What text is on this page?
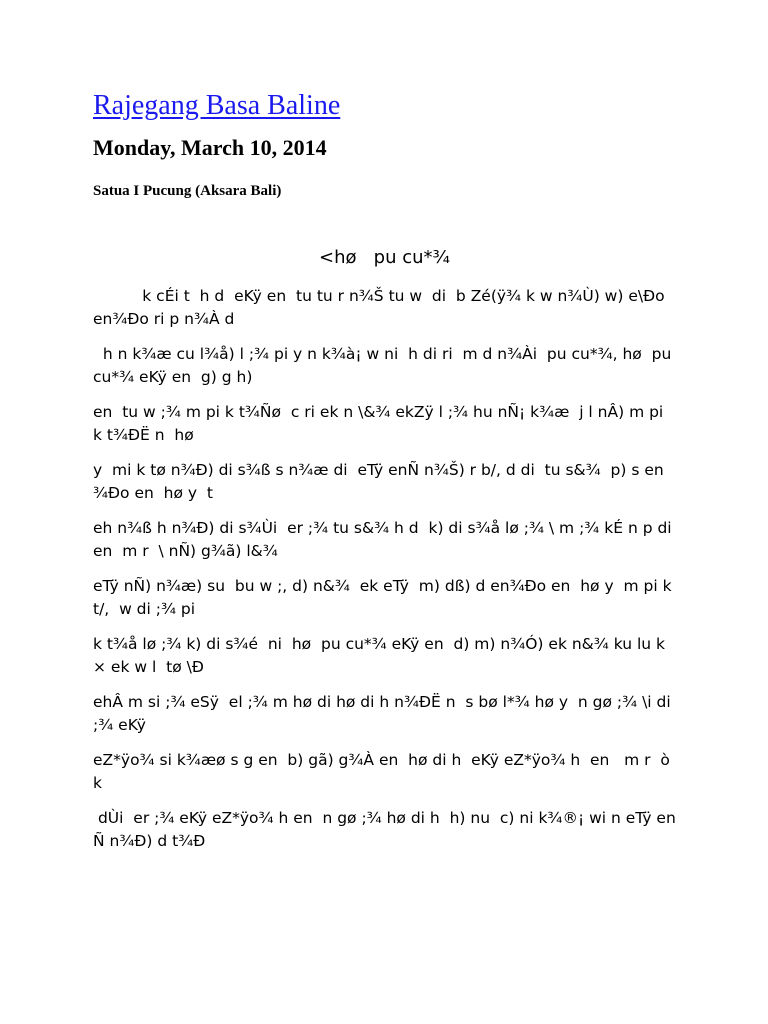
Rajegang Basa Baline
Monday, March 10, 2014
Satua I Pucung (Aksara Bali)
<hø   pu cu*¾

k cÉi t  h d  eKÿ en  tu tu r n¾Š tu w  di  b Zé(ÿ¾ k w n¾Ù) w) e\Ðo en¾Ðo ri p n¾À d

h n k¾æ cu l¾å) l ;¾ pi y n k¾à¡ w ni  h di ri  m d n¾Ài  pu cu*¾, hø  pu cu*¾ eKÿ en  g) g h)

en  tu w ;¾ m pi k t¾Ñø  c ri ek n \&¾ ekZÿ l ;¾ hu nÑ¡ k¾æ  j l nÂ) m pi k t¾ÐË n  hø

y  mi k tø n¾Ð) di s¾ß s n¾æ di  eTÿ enÑ n¾Š) r b/, d di  tu s&¾  p) s en¾Ðo en  hø y  t

eh n¾ß h n¾Ð) di s¾Ùi  er ;¾ tu s&¾ h d  k) di s¾å lø ;¾ \ m ;¾ kÉ n p di en  m r  \ nÑ) g¾ã) l&¾

eTÿ nÑ) n¾æ) su  bu w ;, d) n&¾  ek eTÿ  m) dß) d en¾Ðo en  hø y  m pi k t/,  w di ;¾ pi

k t¾å lø ;¾ k) di s¾é  ni  hø  pu cu*¾ eKÿ en  d) m) n¾Ó) ek n&¾ ku lu k× ek w l  tø \Ð

ehÂ m si ;¾ eSÿ  el ;¾ m hø di hø di h n¾ÐË n  s bø l*¾ hø y  n gø ;¾ \i di ;¾ eKÿ

eZ*ÿo¾ si k¾æø s g en  b) gã) g¾À en  hø di h  eKÿ eZ*ÿo¾ h  en   m r  ò k

dÙi  er ;¾ eKÿ eZ*ÿo¾ h en  n gø ;¾ hø di h  h) nu  c) ni k¾®¡ wi n eTÿ enÑ n¾Ð) d t¾Ð
